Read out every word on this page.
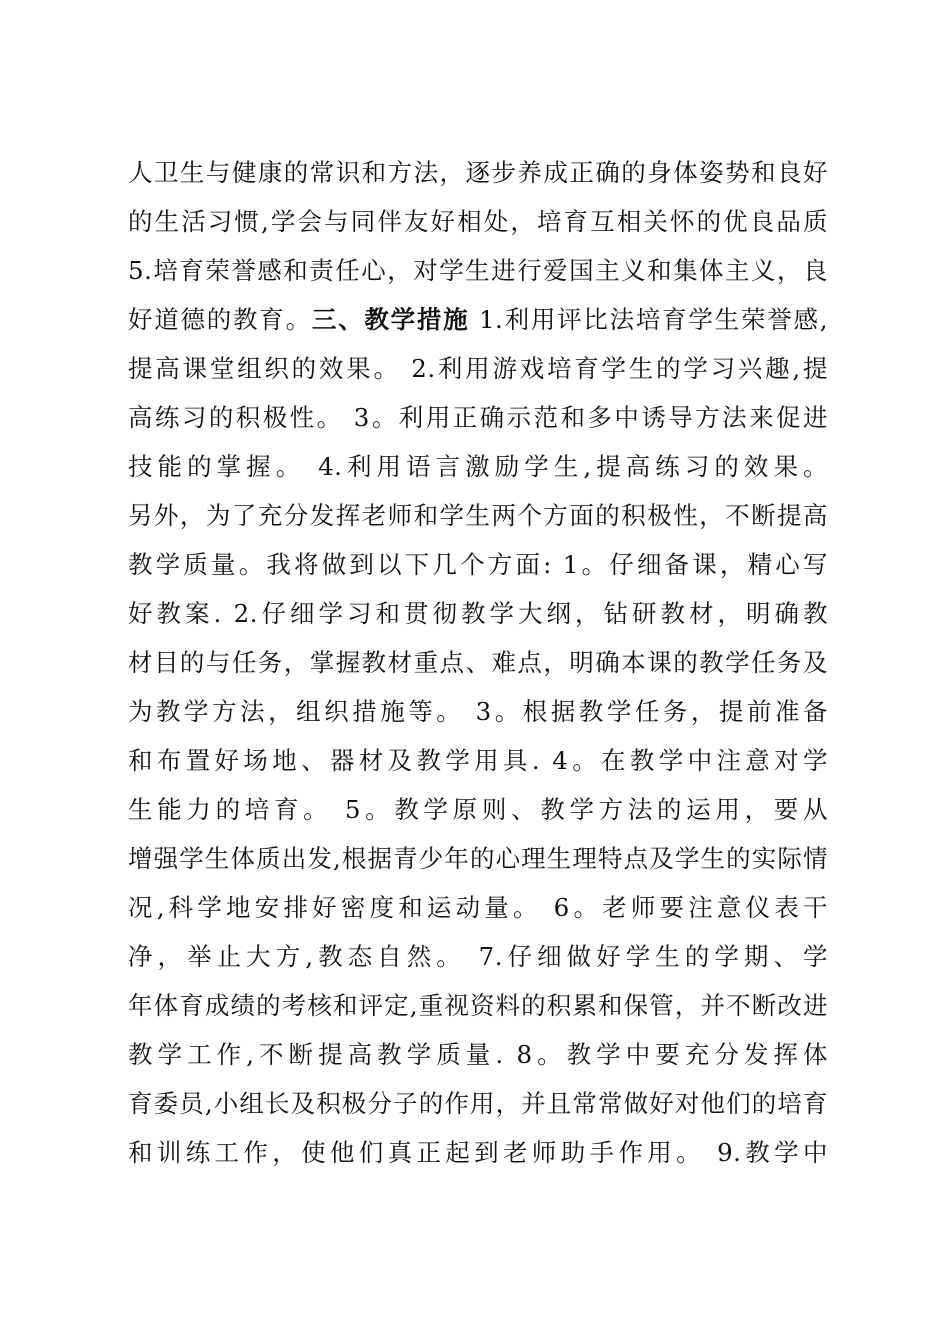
人卫生与健康的常识和方法，逐步养成正确的身体姿势和良好
的生活习惯,学会与同伴友好相处，培育互相关怀的优良品质
5.培育荣誉感和责任心，对学生进行爱国主义和集体主义，良
好道德的教育。三、教学措施 1.利用评比法培育学生荣誉感,
提高课堂组织的效果。 2.利用游戏培育学生的学习兴趣,提
高练习的积极性。 3。利用正确示范和多中诱导方法来促进
技能的掌握。 4.利用语言激励学生,提高练习的效果。
另外，为了充分发挥老师和学生两个方面的积极性，不断提高
教学质量。我将做到以下几个方面: 1。仔细备课，精心写
好教案. 2.仔细学习和贯彻教学大纲，钻研教材，明确教
材目的与任务，掌握教材重点、难点，明确本课的教学任务及
为教学方法，组织措施等。 3。根据教学任务，提前准备
和布置好场地、器材及教学用具. 4。在教学中注意对学
生能力的培育。 5。教学原则、教学方法的运用，要从
增强学生体质出发,根据青少年的心理生理特点及学生的实际情
况,科学地安排好密度和运动量。 6。老师要注意仪表干
净，举止大方,教态自然。 7.仔细做好学生的学期、学
年体育成绩的考核和评定,重视资料的积累和保管，并不断改进
教学工作,不断提高教学质量. 8。教学中要充分发挥体
育委员,小组长及积极分子的作用，并且常常做好对他们的培育
和训练工作，使他们真正起到老师助手作用。 9.教学中
